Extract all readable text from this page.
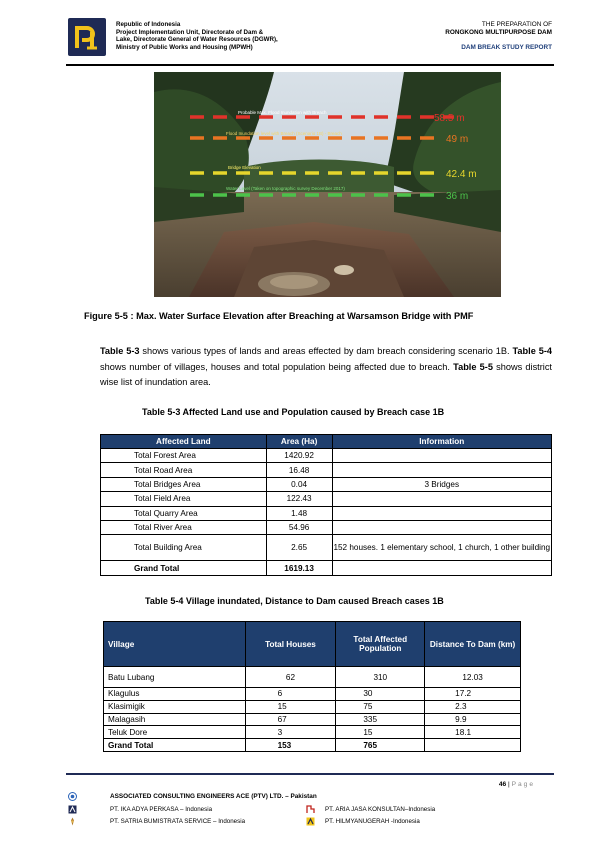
Republic of Indonesia
Project Implementation Unit, Directorate of Dam &
Lake, Directorate General of Water Resources (DGWR),
Ministry of Public Works and Housing (MPWH)
THE PREPARATION OF
RONGKONG MULTIPURPOSE DAM
DAM BREAK STUDY REPORT
Probable Max. Flood Inundation with Breach
Flood Inundation level with Breach (Scenario 1B) - Breach
Bridge Elevation
Water Level (Taken on topographic survey December 2017)
58.5 m
49 m
42.4 m
36 m
Figure 5-5 : Max. Water Surface Elevation after Breaching at Warsamson Bridge with PMF
Table 5-3 shows various types of lands and areas effected by dam breach considering scenario 1B. Table 5-4 shows number of villages, houses and total population being affected due to breach. Table 5-5 shows district wise list of inundation area.
Table 5-3 Affected Land use and Population caused by Breach case 1B
Affected Land	Area (Ha)	Information
Total Forest Area	1420.92	
Total Road Area	16.48	
Total Bridges Area	0.04	3 Bridges
Total Field Area	122.43	
Total Quarry Area	1.48	
Total River Area	54.96	
Total Building Area	2.65	152 houses. 1 elementary school, 1 church, 1 other building
Grand Total	1619.13	
Table 5-4 Village inundated, Distance to Dam caused Breach cases 1B
Village	Total Houses	Total Affected Population	Distance To Dam (km)
Batu Lubang	62	310	12.03
Klagulus	6	30	17.2
Klasimigik	15	75	2.3
Malagasih	67	335	9.9
Teluk Dore	3	15	18.1
Grand Total	153	765	
46 | Page
ASSOCIATED CONSULTING ENGINEERS ACE (PTV) LTD. – Pakistan
PT. IKA ADYA PERKASA – Indonesia	PT. ARIA JASA KONSULTAN–Indonesia
PT. SATRIA BUMISTRATA SERVICE – Indonesia	PT. HILMYANUGERAH -Indonesia
